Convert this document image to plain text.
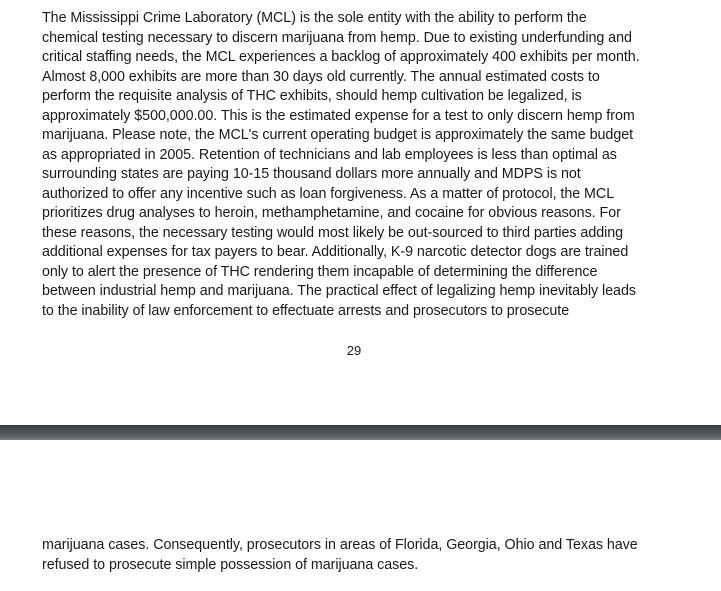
The Mississippi Crime Laboratory (MCL) is the sole entity with the ability to perform the
chemical testing necessary to discern marijuana from hemp. Due to existing underfunding and
critical staffing needs, the MCL experiences a backlog of approximately 400 exhibits per month.
Almost 8,000 exhibits are more than 30 days old currently. The annual estimated costs to
perform the requisite analysis of THC exhibits, should hemp cultivation be legalized, is
approximately $500,000.00. This is the estimated expense for a test to only discern hemp from
marijuana. Please note, the MCL's current operating budget is approximately the same budget
as appropriated in 2005. Retention of technicians and lab employees is less than optimal as
surrounding states are paying 10-15 thousand dollars more annually and MDPS is not
authorized to offer any incentive such as loan forgiveness. As a matter of protocol, the MCL
prioritizes drug analyses to heroin, methamphetamine, and cocaine for obvious reasons. For
these reasons, the necessary testing would most likely be out-sourced to third parties adding
additional expenses for tax payers to bear. Additionally, K-9 narcotic detector dogs are trained
only to alert the presence of THC rendering them incapable of determining the difference
between industrial hemp and marijuana. The practical effect of legalizing hemp inevitably leads
to the inability of law enforcement to effectuate arrests and prosecutors to prosecute
29
marijuana cases. Consequently, prosecutors in areas of Florida, Georgia, Ohio and Texas have
refused to prosecute simple possession of marijuana cases.
